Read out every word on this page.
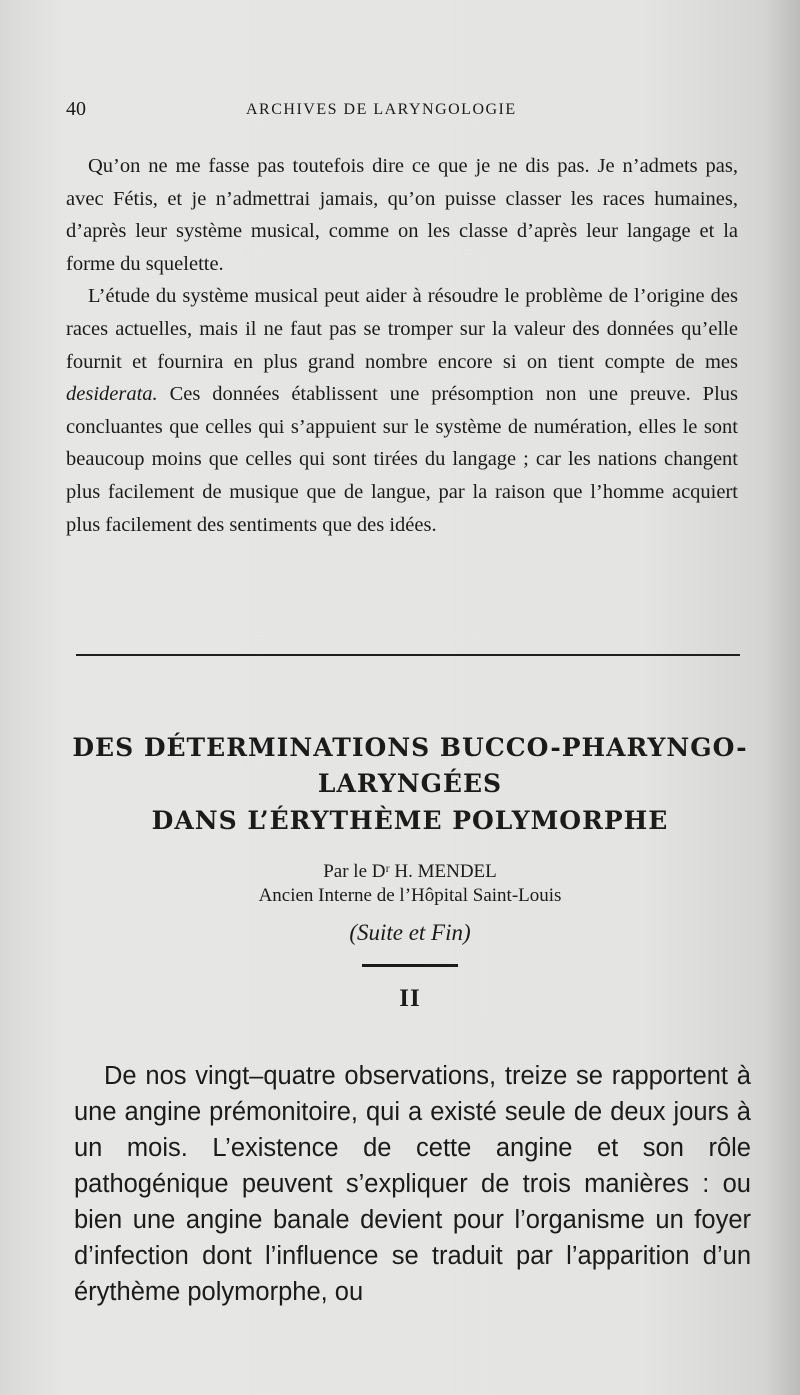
40	ARCHIVES DE LARYNGOLOGIE

Qu’on ne me fasse pas toutefois dire ce que je ne dis pas. Je n’admets pas, avec Fétis, et je n’admettrai jamais, qu’on puisse classer les races humaines, d’après leur système musical, comme on les classe d’après leur langage et la forme du squelette.

L’étude du système musical peut aider à résoudre le problème de l’origine des races actuelles, mais il ne faut pas se tromper sur la valeur des données qu’elle fournit et fournira en plus grand nombre encore si on tient compte de mes desiderata. Ces données établissent une présomption non une preuve. Plus concluantes que celles qui s’appuient sur le système de numération, elles le sont beaucoup moins que celles qui sont tirées du langage ; car les nations changent plus facilement de musique que de langue, par la raison que l’homme acquiert plus facilement des sentiments que des idées.

DES DÉTERMINATIONS BUCCO-PHARYNGO-
LARYNGÉES
DANS L’ÉRYTHÈME POLYMORPHE
Par le Dʳ H. MENDEL
Ancien Interne de l’Hôpital Saint-Louis
(Suite et Fin)
II

De nos vingt–quatre observations, treize se rapportent à une angine prémonitoire, qui a existé seule de deux jours à un mois. L’existence de cette angine et son rôle pathogénique peuvent s’expliquer de trois manières : ou bien une angine banale devient pour l’organisme un foyer d’infection dont l’influence se traduit par l’apparition d’un érythème polymorphe, ou
